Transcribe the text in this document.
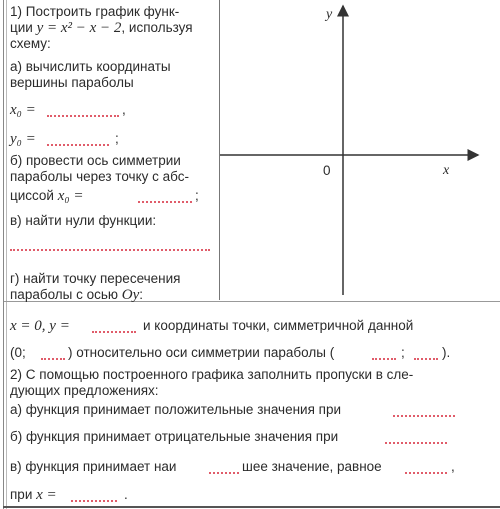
1) Построить график функ-
ции y = x² − x − 2, используя
схему:
а) вычислить координаты
вершины параболы
x₀ =	,
y₀ =	;
б) провести ось симметрии
параболы через точку с абс-
циссой x₀ =	;
в) найти нули функции:
г) найти точку пересечения
параболы с осью Oy:
y
x
0
x = 0, y =	и координаты точки, симметричной данной
(0;	) относительно оси симметрии параболы (	;	).
2) С помощью построенного графика заполнить пропуски в сле-
дующих предложениях:
а) функция принимает положительные значения при
б) функция принимает отрицательные значения при
в) функция принимает наи	шее значение, равное	,
при x =	.
